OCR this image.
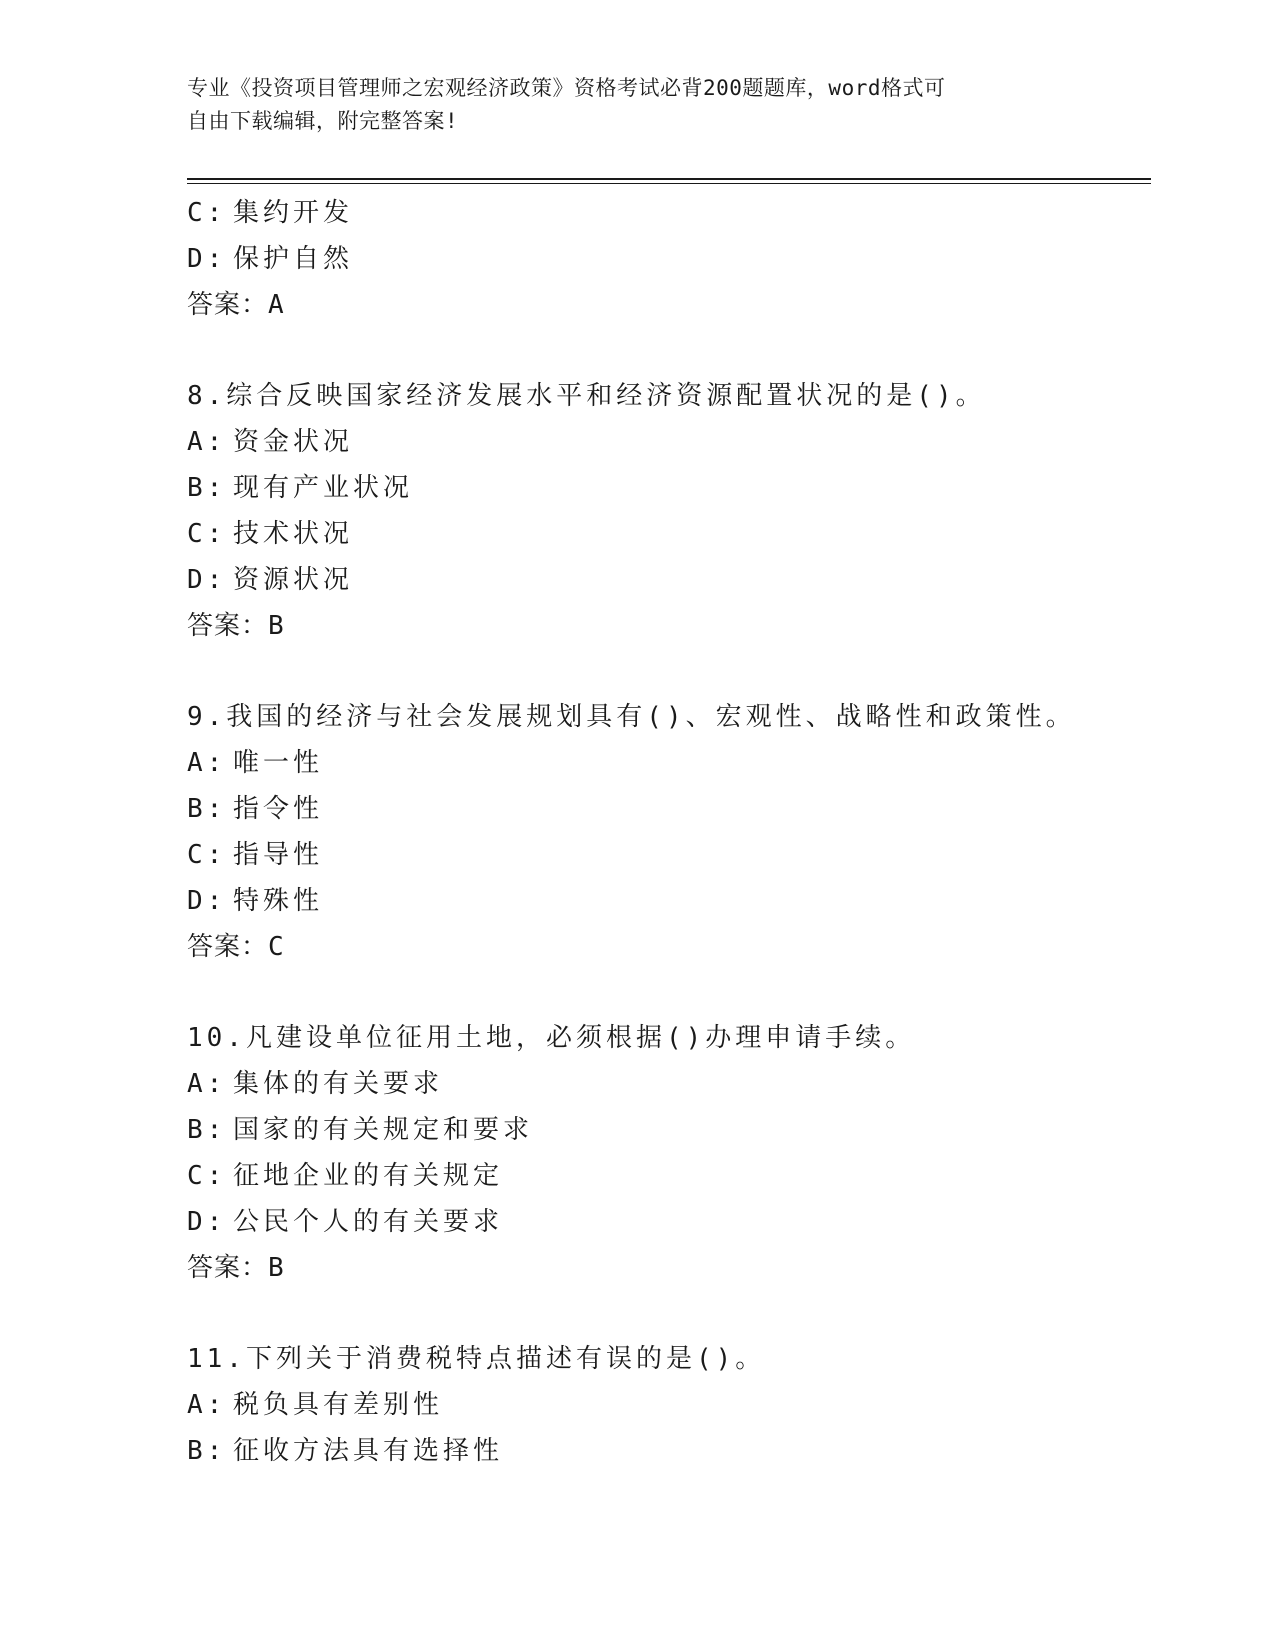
专业《投资项目管理师之宏观经济政策》资格考试必背200题题库，word格式可
自由下载编辑，附完整答案!
C: 集约开发
D: 保护自然
答案：A
8.综合反映国家经济发展水平和经济资源配置状况的是()。
A: 资金状况
B: 现有产业状况
C: 技术状况
D: 资源状况
答案：B
9.我国的经济与社会发展规划具有()、宏观性、战略性和政策性。
A: 唯一性
B: 指令性
C: 指导性
D: 特殊性
答案：C
10.凡建设单位征用土地，必须根据()办理申请手续。
A: 集体的有关要求
B: 国家的有关规定和要求
C: 征地企业的有关规定
D: 公民个人的有关要求
答案：B
11.下列关于消费税特点描述有误的是()。
A: 税负具有差别性
B: 征收方法具有选择性
